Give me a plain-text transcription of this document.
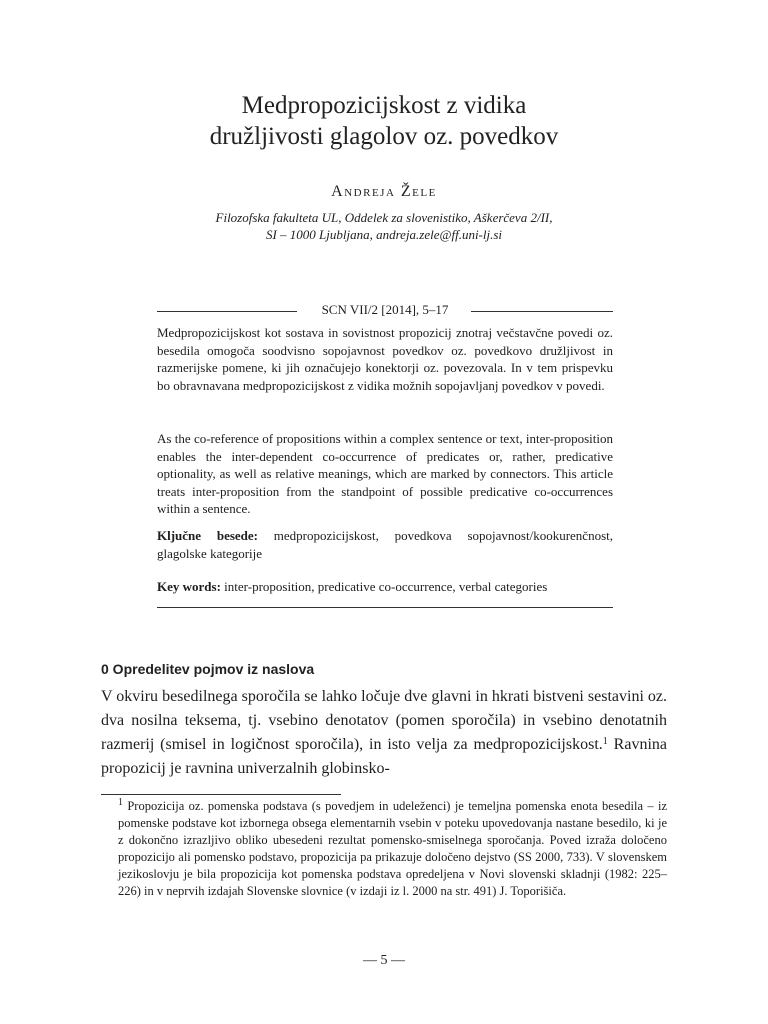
Medpropozicijskost z vidika
družljivosti glagolov oz. povedkov
Andreja Žele
Filozofska fakulteta UL, Oddelek za slovenistiko, Aškerčeva 2/II,
SI – 1000 Ljubljana, andreja.zele@ff.uni-lj.si
SCN VII/2 [2014], 5–17
Medpropozicijskost kot sostava in sovistnost propozicij znotraj večstavčne povedi oz. besedila omogoča soodvisno sopojavnost povedkov oz. povedkovo družljivost in razmerijske pomene, ki jih označujejo konektorji oz. povezovala. In v tem prispevku bo obravnavana medpropozicijskost z vidika možnih sopojavljanj povedkov v povedi.
As the co-reference of propositions within a complex sentence or text, inter-proposition enables the inter-dependent co-occurrence of predicates or, rather, predicative optionality, as well as relative meanings, which are marked by connectors. This article treats inter-proposition from the standpoint of possible predicative co-occurrences within a sentence.
Ključne besede: medpropozicijskost, povedkova sopojavnost/kookurenčnost, glagolske kategorije
Key words: inter-proposition, predicative co-occurrence, verbal categories
0 Opredelitev pojmov iz naslova
V okviru besedilnega sporočila se lahko ločuje dve glavni in hkrati bistveni sestavini oz. dva nosilna teksema, tj. vsebino denotatov (pomen sporočila) in vsebino denotatnih razmerij (smisel in logičnost sporočila), in isto velja za medpropozicijskost.$^1$ Ravnina propozicij je ravnina univerzalnih globinsko-
$^1$ Propozicija oz. pomenska podstava (s povedjem in udeleženci) je temeljna pomenska enota besedila – iz pomenske podstave kot izbornega obsega elementarnih vsebin v poteku upovedovanja nastane besedilo, ki je z dokončno izrazljivo obliko ubesedeni rezultat pomensko-smiselnega sporočanja. Poved izraža določeno propozicijo ali pomensko podstavo, propozicija pa prikazuje določeno dejstvo (SS 2000, 733). V slovenskem jezikoslovju je bila propozicija kot pomenska podstava opredeljena v Novi slovenski skladnji (1982: 225–226) in v neprvih izdajah Slovenske slovnice (v izdaji iz l. 2000 na str. 491) J. Toporišiča.
— 5 —
